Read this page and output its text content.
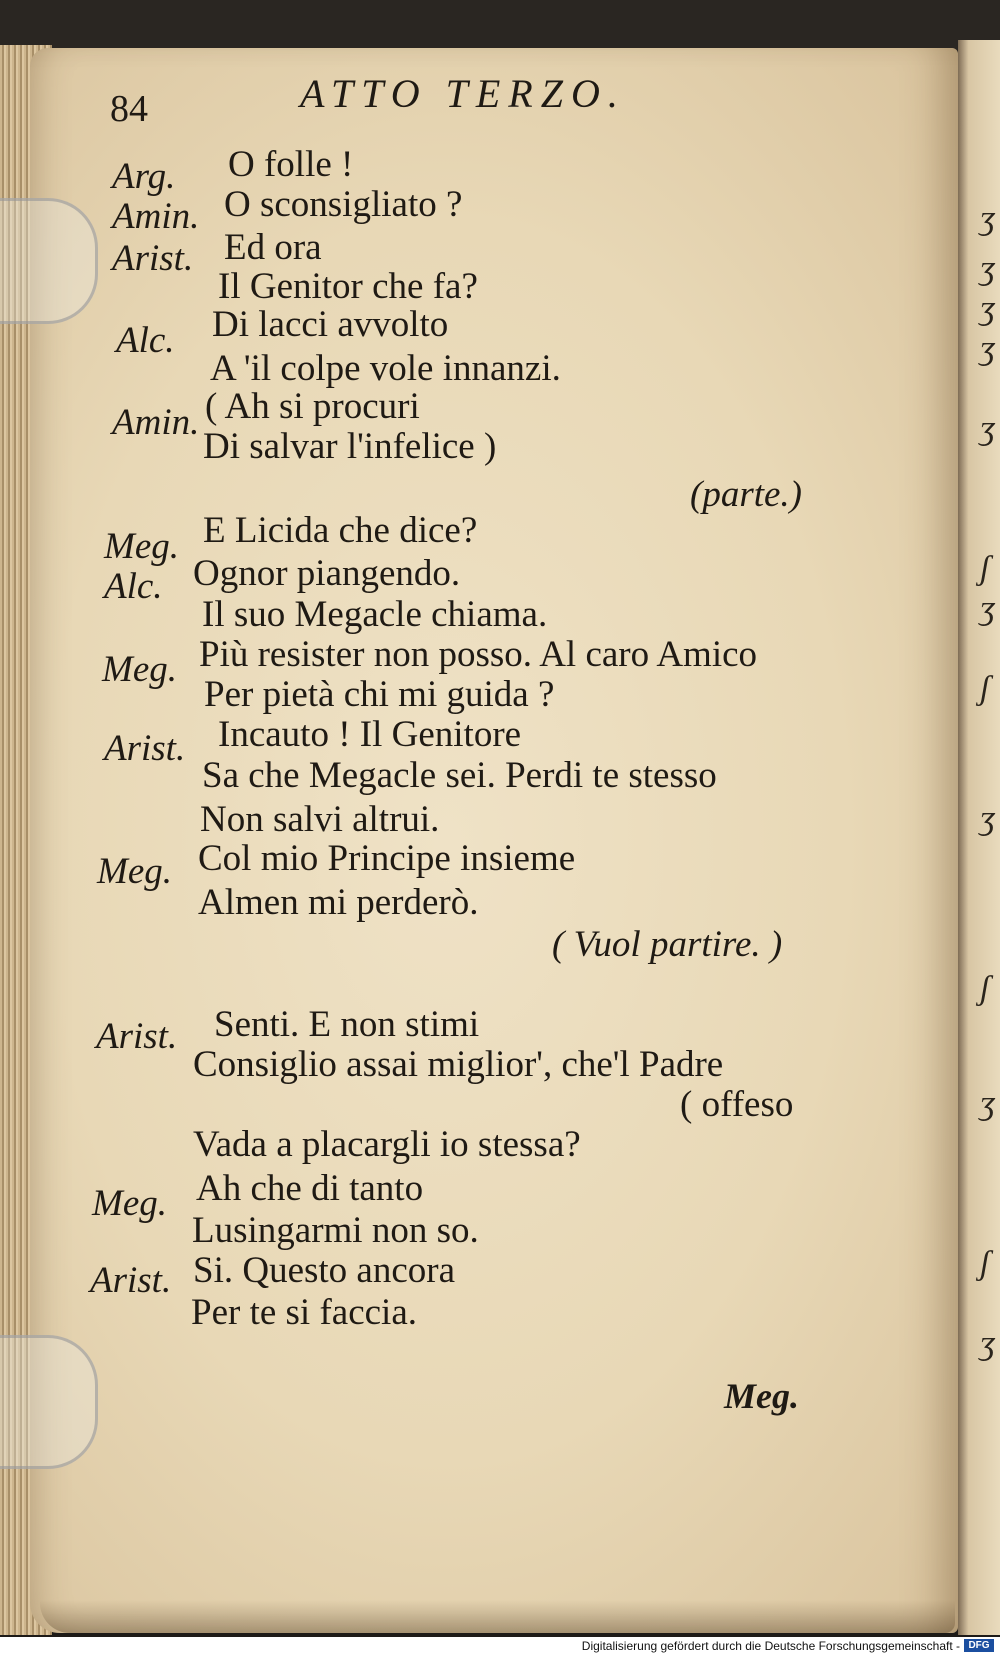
ʒ
ʒ
ʒ
ʒ
ʒ
ʃ
ʒ
ʃ
ʒ
ʃ
ʒ
ʃ
ʒ
84	ATTO TERZO.
Arg. O folle !
Amin. O sconsigliato ?
Arist. Ed ora
Il Genitor che fa?
Alc. Di lacci avvolto
A 'il colpe vole innanzi.
Amin. ( Ah si procuri
Di salvar l'infelice )
(parte.)
Meg. E Licida che dice?
Alc. Ognor piangendo.
Il suo Megacle chiama.
Meg. Più resister non posso. Al caro Amico
Per pietà chi mi guida ?
Arist. Incauto ! Il Genitore
Sa che Megacle sei. Perdi te stesso
Non salvi altrui.
Meg. Col mio Principe insieme
Almen mi perderò.
( Vuol partire. )
Arist. Senti. E non stimi
Consiglio assai miglior', che'l Padre
( offeso
Vada a placargli io stessa?
Meg. Ah che di tanto
Lusingarmi non so.
Arist. Si. Questo ancora
Per te si faccia.
Meg.
Digitalisierung gefördert durch die Deutsche Forschungsgemeinschaft - DFG
